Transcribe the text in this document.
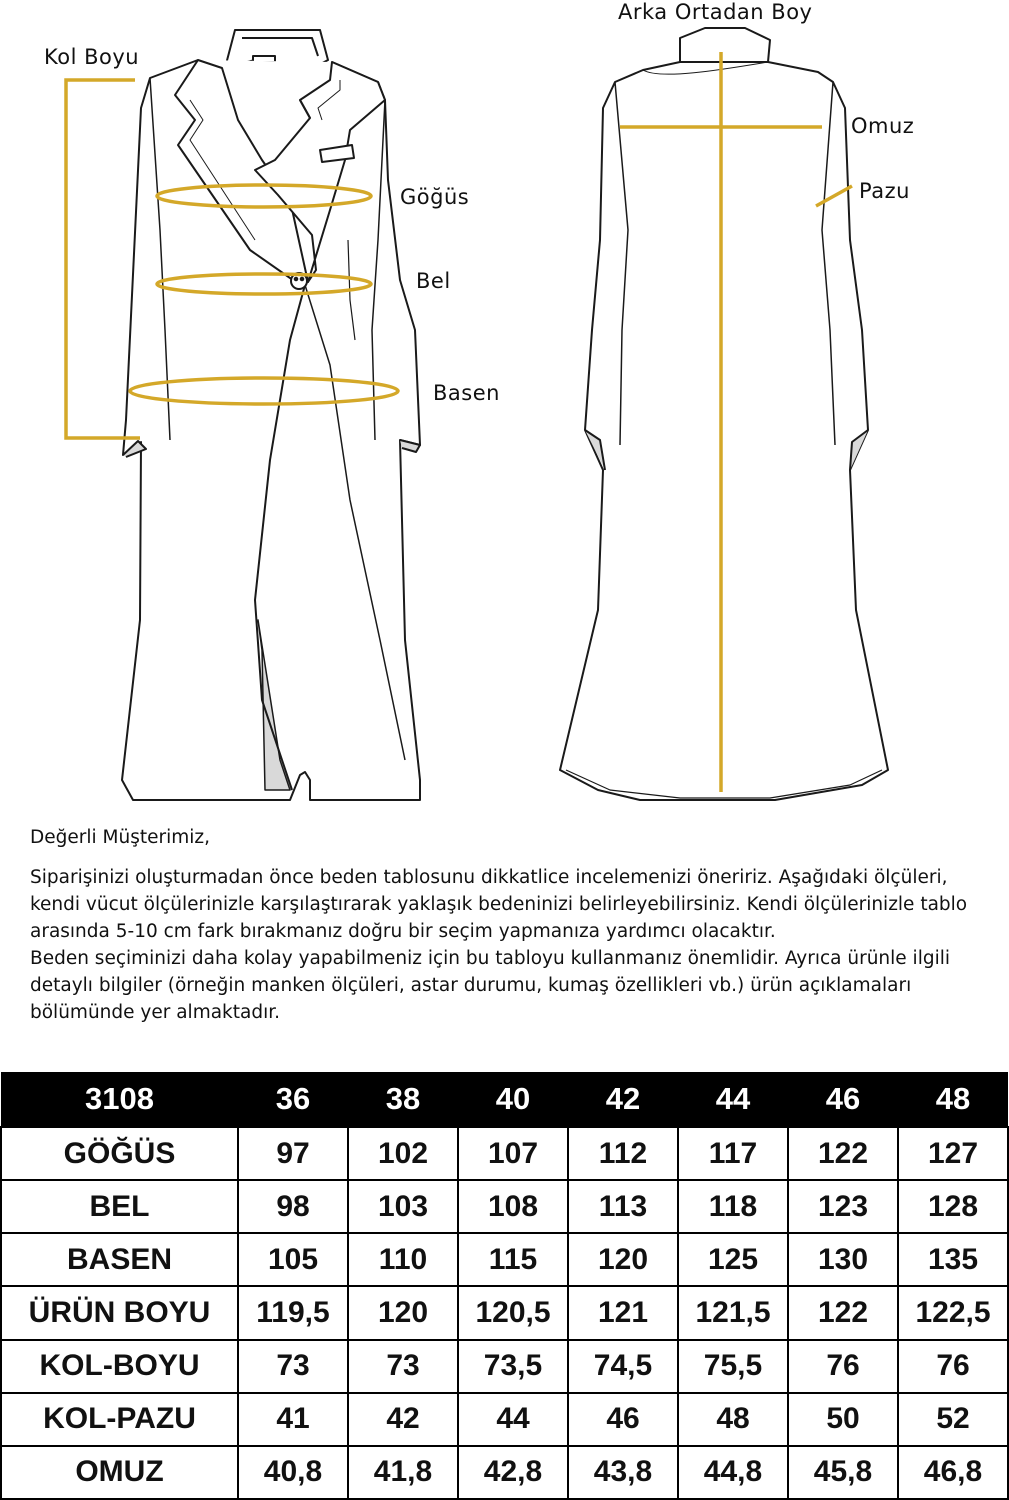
Kol Boyu
Göğüs
Bel
Basen
Arka Ortadan Boy
Omuz
Pazu

Değerli Müşterimiz,

Siparişinizi oluşturmadan önce beden tablosunu dikkatlice incelemenizi öneririz. Aşağıdaki ölçüleri, kendi vücut ölçülerinizle karşılaştırarak yaklaşık bedeninizi belirleyebilirsiniz. Kendi ölçülerinizle tablo arasında 5-10 cm fark bırakmanız doğru bir seçim yapmanıza yardımcı olacaktır.

Beden seçiminizi daha kolay yapabilmeniz için bu tabloyu kullanmanız önemlidir. Ayrıca ürünle ilgili detaylı bilgiler (örneğin manken ölçüleri, astar durumu, kumaş özellikleri vb.) ürün açıklamaları bölümünde yer almaktadır.

3108	36	38	40	42	44	46	48
GÖĞÜS	97	102	107	112	117	122	127
BEL	98	103	108	113	118	123	128
BASEN	105	110	115	120	125	130	135
ÜRÜN BOYU	119,5	120	120,5	121	121,5	122	122,5
KOL-BOYU	73	73	73,5	74,5	75,5	76	76
KOL-PAZU	41	42	44	46	48	50	52
OMUZ	40,8	41,8	42,8	43,8	44,8	45,8	46,8
